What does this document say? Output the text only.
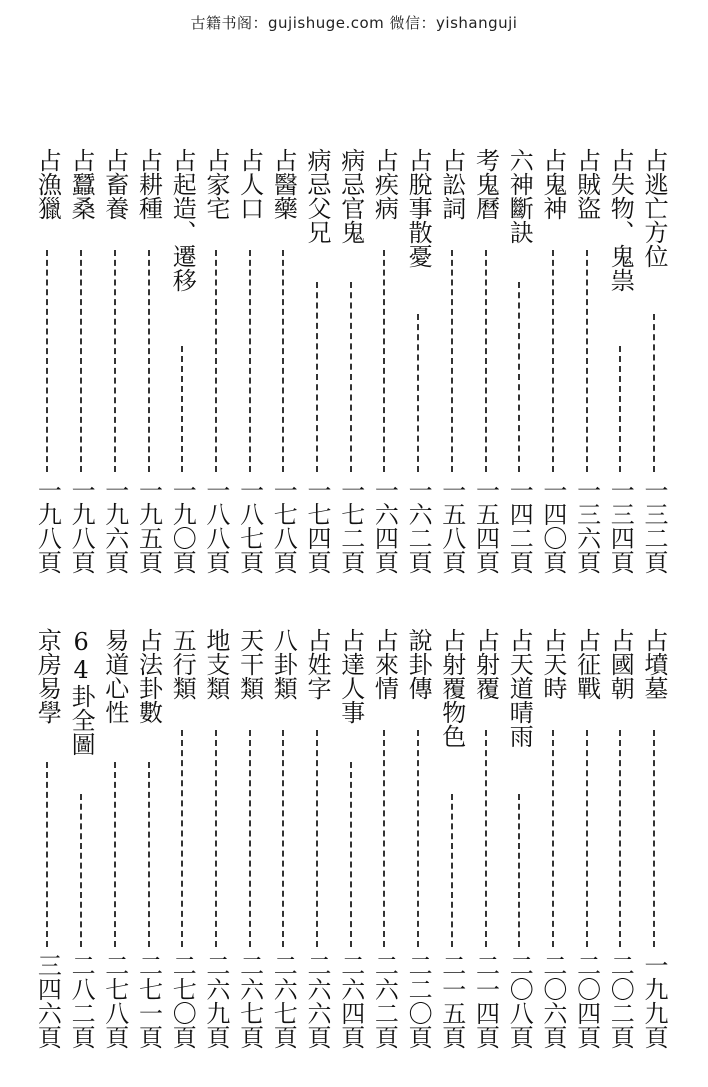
古籍书阁：gujishuge.com 微信：yishanguji
占逃亡方位
一三二頁
占失物、鬼祟
一三四頁
占賊盜
一三六頁
占鬼神
一四〇頁
六神斷訣
一四二頁
考鬼曆
一五四頁
占訟詞
一五八頁
占脫事散憂
一六二頁
占疾病
一六四頁
病忌官鬼
一七二頁
病忌父兄
一七四頁
占醫藥
一七八頁
占人口
一八七頁
占家宅
一八八頁
占起造、遷移
一九〇頁
占耕種
一九五頁
占畜養
一九六頁
占蠶桑
一九八頁
占漁獵
一九八頁
占墳墓
一九九頁
占國朝
二〇二頁
占征戰
二〇四頁
占天時
二〇六頁
占天道晴雨
二〇八頁
占射覆
二一四頁
占射覆物色
二一五頁
說卦傳
二二〇頁
占來情
二六二頁
占達人事
二六四頁
占姓字
二六六頁
八卦類
二六七頁
天干類
二六七頁
地支類
二六九頁
五行類
二七〇頁
占法卦數
二七一頁
易道心性
二七八頁
64卦全圖
二八二頁
京房易學
三四六頁
